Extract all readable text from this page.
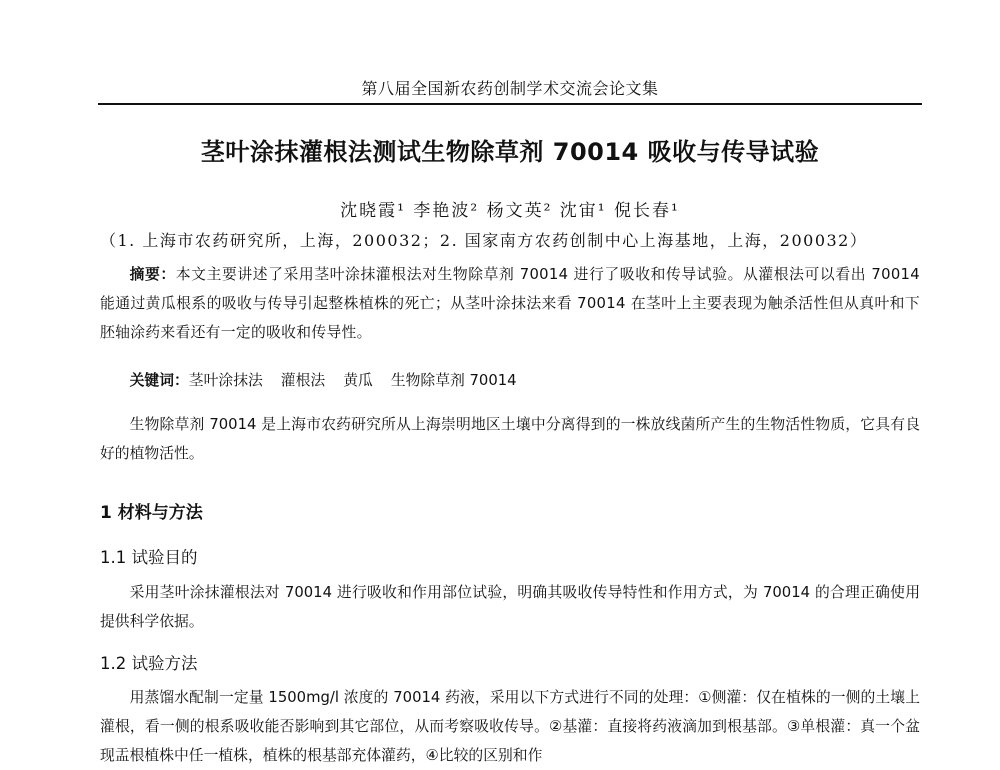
第八届全国新农药创制学术交流会论文集
茎叶涂抹灌根法测试生物除草剂 70014 吸收与传导试验
沈晓霞¹ 李艳波² 杨文英² 沈宙¹ 倪长春¹
（1. 上海市农药研究所，上海，200032；2. 国家南方农药创制中心上海基地，上海，200032）
摘要：本文主要讲述了采用茎叶涂抹灌根法对生物除草剂 70014 进行了吸收和传导试验。从灌根法可以看出 70014 能通过黄瓜根系的吸收与传导引起整株植株的死亡；从茎叶涂抹法来看 70014 在茎叶上主要表现为触杀活性但从真叶和下胚轴涂药来看还有一定的吸收和传导性。
关键词：茎叶涂抹法 灌根法 黄瓜 生物除草剂 70014
生物除草剂 70014 是上海市农药研究所从上海崇明地区土壤中分离得到的一株放线菌所产生的生物活性物质，它具有良好的植物活性。
1 材料与方法
1.1 试验目的
采用茎叶涂抹灌根法对 70014 进行吸收和作用部位试验，明确其吸收传导特性和作用方式，为 70014 的合理正确使用提供科学依据。
1.2 试验方法
用蒸馏水配制一定量 1500mg/l 浓度的 70014 药液，采用以下方式进行不同的处理：①侧灌：仅在植株的一侧的土壤上灌根，看一侧的根系吸收能否影响到其它部位，从而考察吸收传导。②基灌：直接将药液滴加到根基部。③单根灌：真一个盆现盂根植株中任一植株，植株的根基部充体灌药，④比较的区别和作
